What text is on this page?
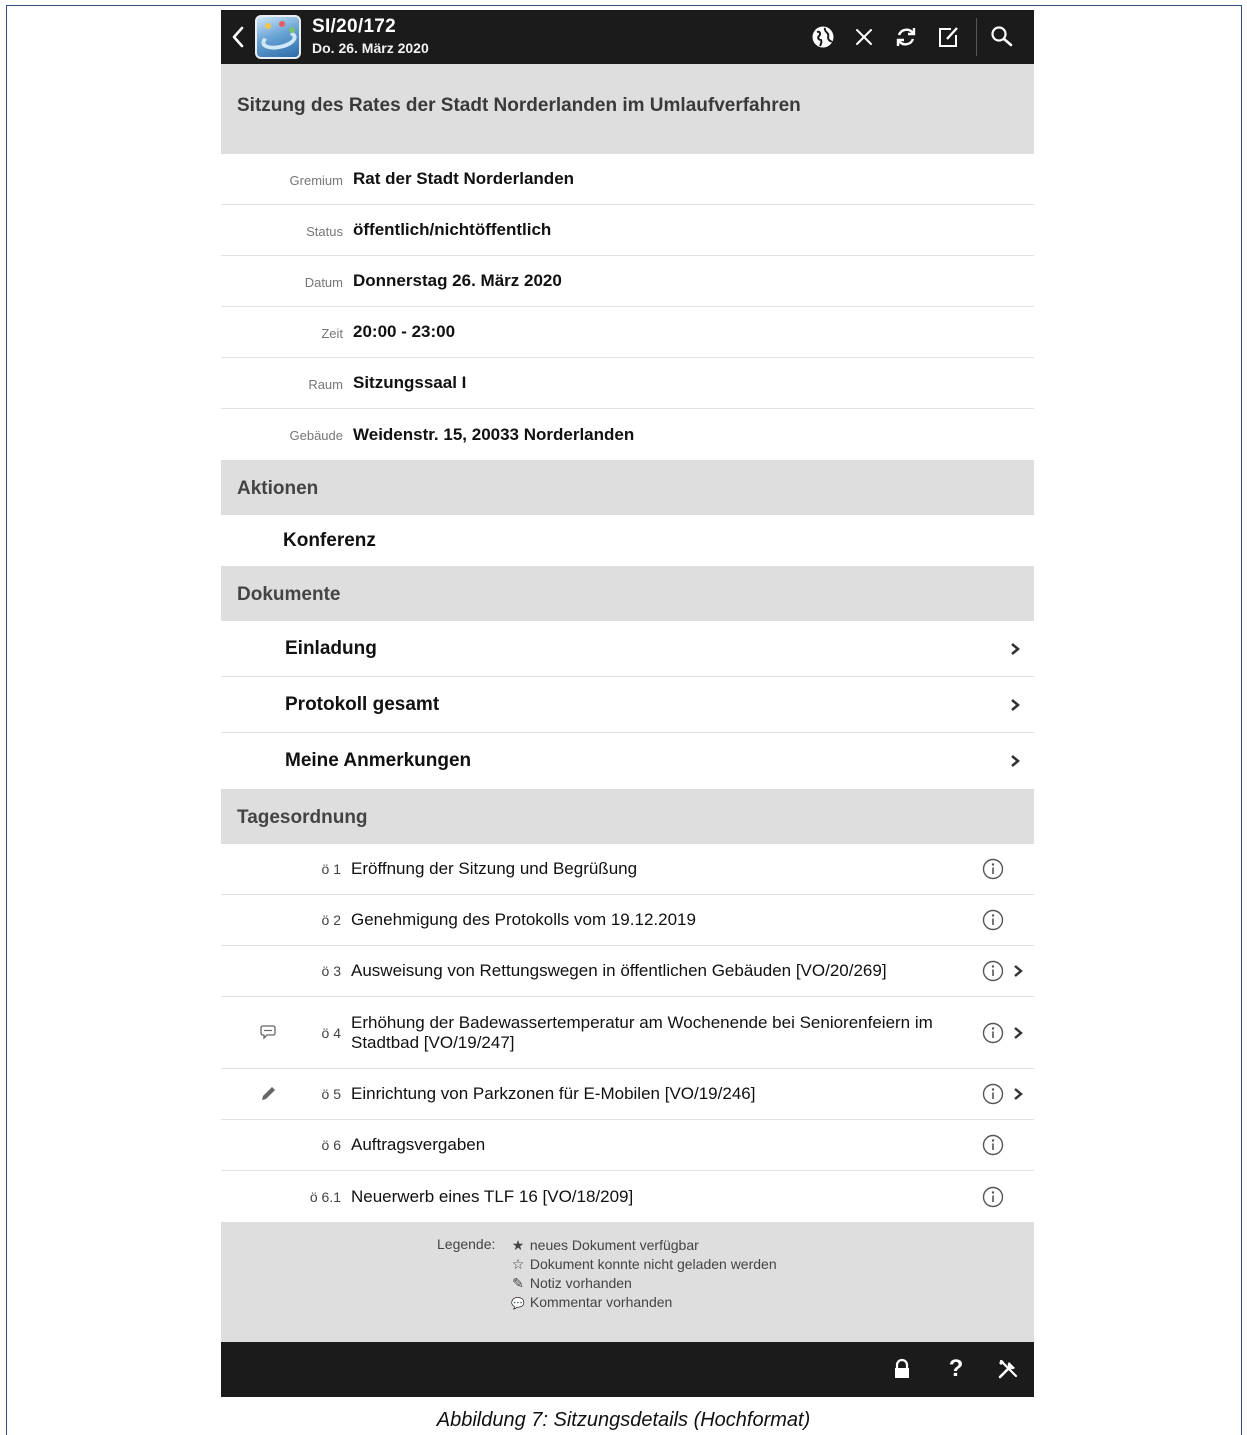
SI/20/172
Do. 26. März 2020
Sitzung des Rates der Stadt Norderlanden im Umlaufverfahren
Gremium Rat der Stadt Norderlanden
Status öffentlich/nichtöffentlich
Datum Donnerstag 26. März 2020
Zeit 20:00 - 23:00
Raum Sitzungssaal I
Gebäude Weidenstr. 15, 20033 Norderlanden
Aktionen
Konferenz
Dokumente
Einladung
Protokoll gesamt
Meine Anmerkungen
Tagesordnung
ö 1 Eröffnung der Sitzung und Begrüßung
ö 2 Genehmigung des Protokolls vom 19.12.2019
ö 3 Ausweisung von Rettungswegen in öffentlichen Gebäuden [VO/20/269]
ö 4
Erhöhung der Badewassertemperatur am Wochenende bei Seniorenfeiern im Stadtbad [VO/19/247]
ö 5 Einrichtung von Parkzonen für E-Mobilen [VO/19/246]
ö 6 Auftragsvergaben
ö 6.1 Neuerwerb eines TLF 16 [VO/18/209]
Legende: ★ neues Dokument verfügbar
☆ Dokument konnte nicht geladen werden
✎ Notiz vorhanden
💬 Kommentar vorhanden
?
Abbildung 7: Sitzungsdetails (Hochformat)
